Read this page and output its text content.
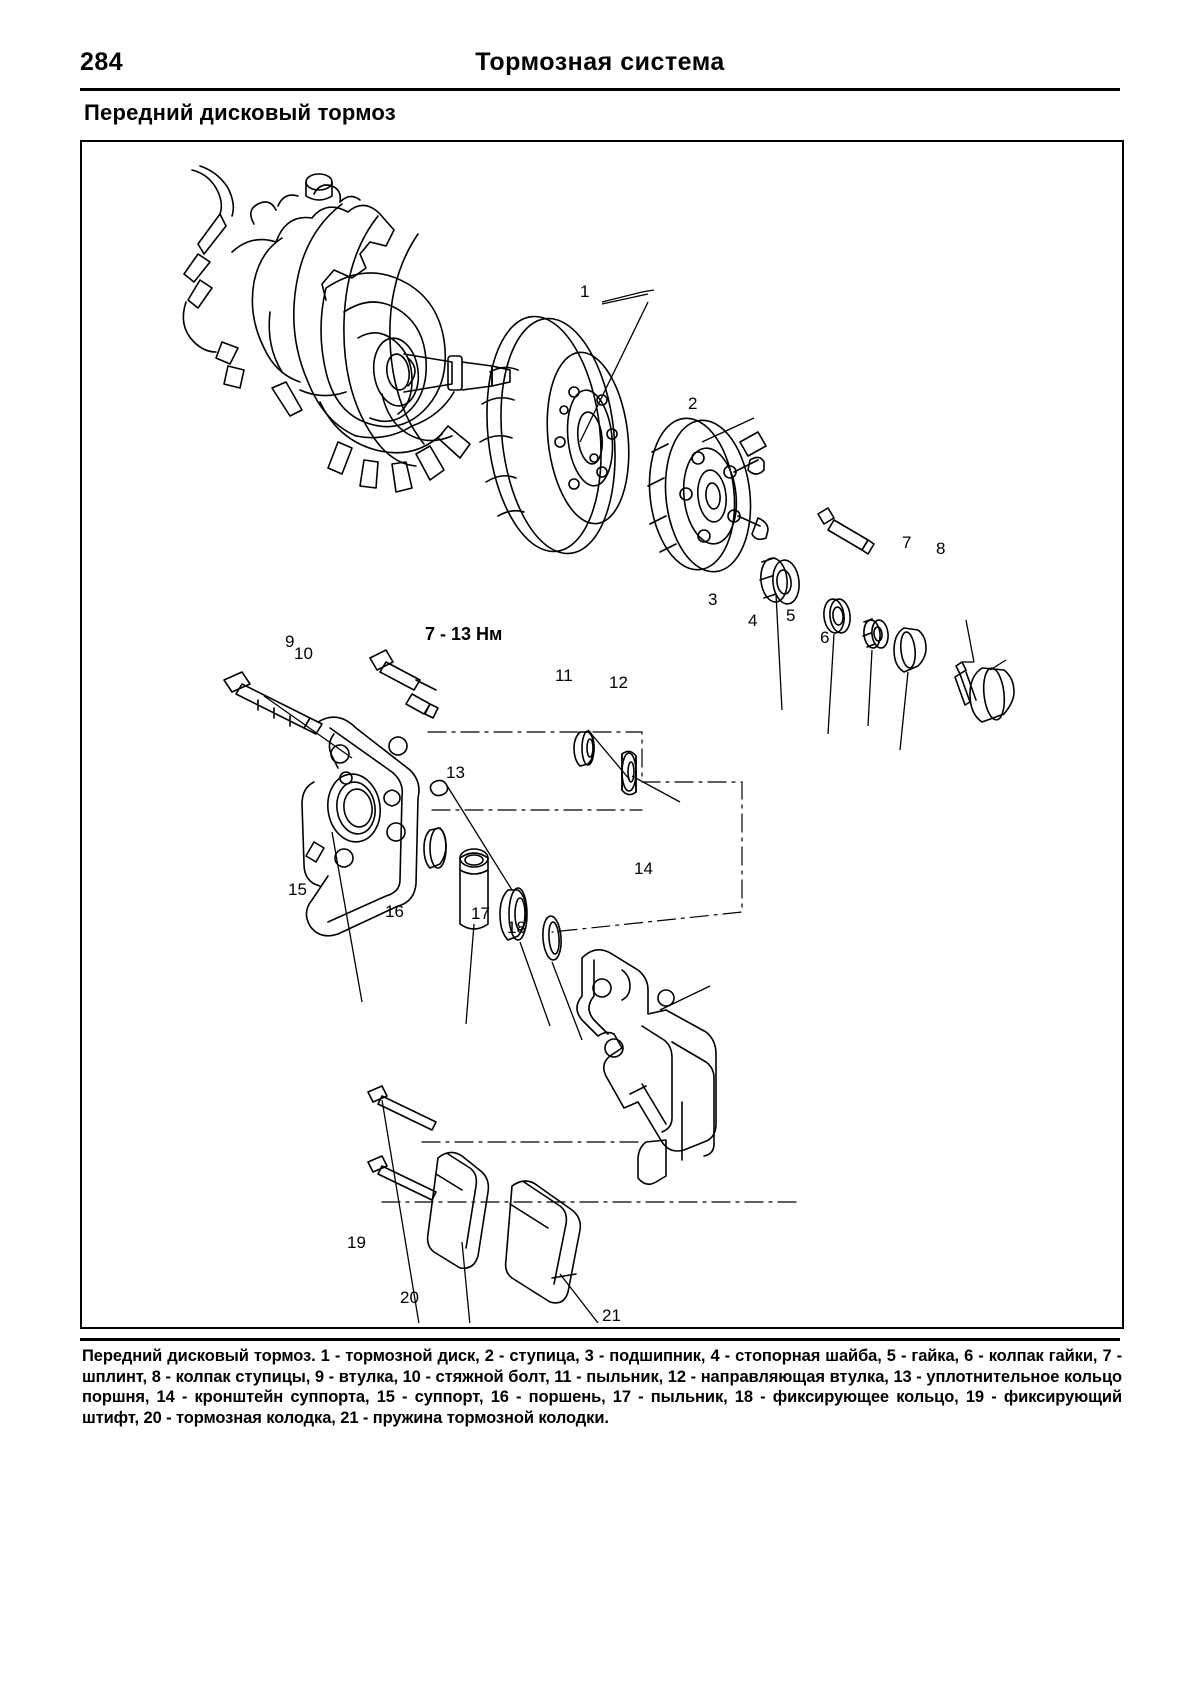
284	Тормозная система
Передний дисковый тормоз
1
2
3
4 5
6
7 8
9
10
11 12
13
14
15
16	17
18
19
20
21
7 - 13 Нм
Передний дисковый тормоз. 1 - тормозной диск, 2 - ступица, 3 - подшипник, 4 - стопорная шайба, 5 - гайка, 6 - колпак гайки, 7 - шплинт, 8 - колпак ступицы, 9 - втулка, 10 - стяжной болт, 11 - пыльник, 12 - направляющая втулка, 13 - уплотнительное кольцо поршня, 14 - кронштейн суппорта, 15 - суппорт, 16 - поршень, 17 - пыльник, 18 - фиксирующее кольцо, 19 - фиксирующий штифт, 20 - тормозная колодка, 21 - пружина тормозной колодки.
